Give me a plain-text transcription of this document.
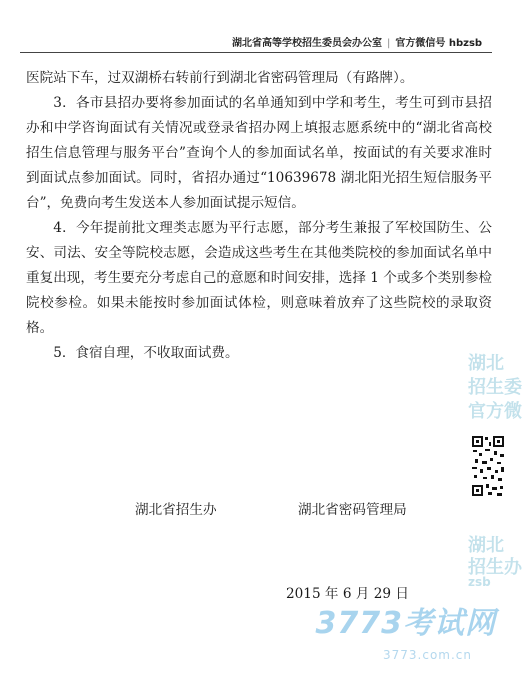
湖北省高等学校招生委员会办公室 | 官方微信号 hbzsb

医院站下车，过双湖桥右转前行到湖北省密码管理局（有路牌）。

3．各市县招办要将参加面试的名单通知到中学和考生，考生可到市县招办和中学咨询面试有关情况或登录省招办网上填报志愿系统中的“湖北省高校招生信息管理与服务平台”查询个人的参加面试名单，按面试的有关要求准时到面试点参加面试。同时，省招办通过“10639678 湖北阳光招生短信服务平台”，免费向考生发送本人参加面试提示短信。

4．今年提前批文理类志愿为平行志愿，部分考生兼报了军校国防生、公安、司法、安全等院校志愿，会造成这些考生在其他类院校的参加面试名单中重复出现，考生要充分考虑自己的意愿和时间安排，选择 1 个或多个类别参检院校参检。如果未能按时参加面试体检，则意味着放弃了这些院校的录取资格。

5．食宿自理，不收取面试费。

湖北省招生办	湖北省密码管理局
2015 年 6 月 29 日
湖北
招生委
官方微
湖北
招生办
zsb
3773考试网
3773.com.cn
